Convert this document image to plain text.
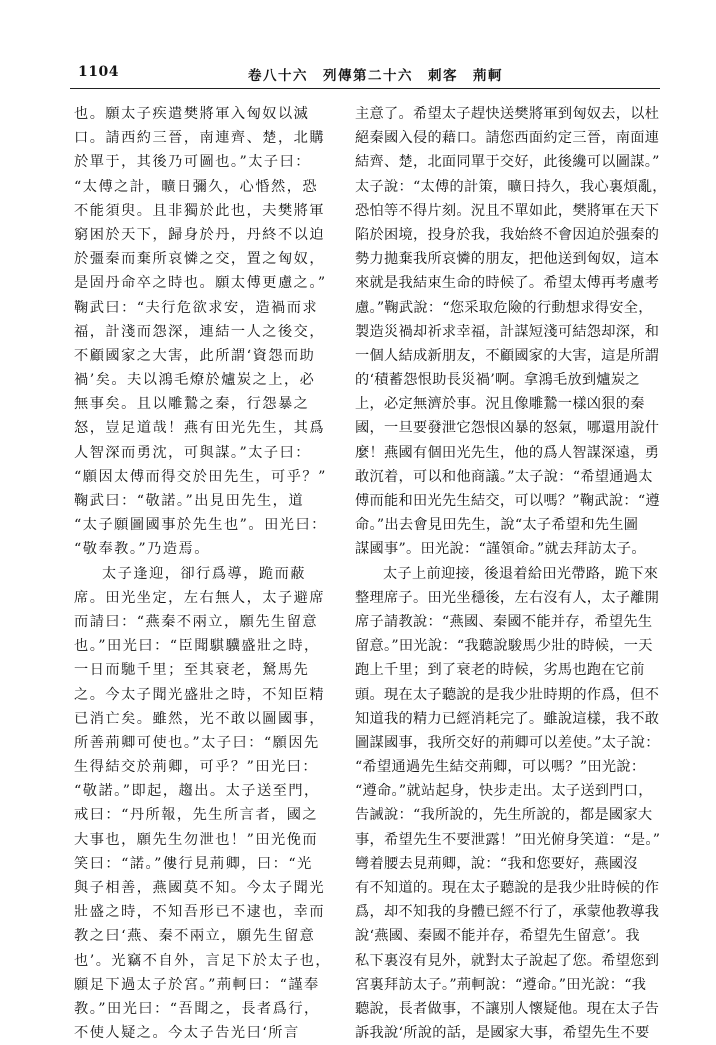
1104	卷八十六　列傳第二十六　刺客　荊軻
也。願太子疾遣樊將軍入匈奴以滅
口。請西約三晉，南連齊、楚，北購
於單于，其後乃可圖也。”太子曰：
“太傅之計，曠日彌久，心惛然，恐
不能須臾。且非獨於此也，夫樊將軍
窮困於天下，歸身於丹，丹終不以迫
於彊秦而棄所哀憐之交，置之匈奴，
是固丹命卒之時也。願太傅更慮之。”
鞠武曰：“夫行危欲求安，造禍而求
福，計淺而怨深，連結一人之後交，
不顧國家之大害，此所謂‘資怨而助
禍’矣。夫以鴻毛燎於爐炭之上，必
無事矣。且以雕鷙之秦，行怨暴之
怒，豈足道哉！燕有田光先生，其爲
人智深而勇沈，可與謀。”太子曰：
“願因太傅而得交於田先生，可乎？”
鞠武曰：“敬諾。”出見田先生，道
“太子願圖國事於先生也”。田光曰：
“敬奉教。”乃造焉。
太子逢迎，卻行爲導，跪而蔽
席。田光坐定，左右無人，太子避席
而請曰：“燕秦不兩立，願先生留意
也。”田光曰：“臣聞騏驥盛壯之時，
一日而馳千里；至其衰老，駑馬先
之。今太子聞光盛壯之時，不知臣精
已消亡矣。雖然，光不敢以圖國事，
所善荊卿可使也。”太子曰：“願因先
生得結交於荊卿，可乎？”田光曰：
“敬諾。”即起，趨出。太子送至門，
戒曰：“丹所報，先生所言者，國之
大事也，願先生勿泄也！”田光俛而
笑曰：“諾。”僂行見荊卿，曰：“光
與子相善，燕國莫不知。今太子聞光
壯盛之時，不知吾形已不逮也，幸而
教之曰‘燕、秦不兩立，願先生留意
也’。光竊不自外，言足下於太子也，
願足下過太子於宮。”荊軻曰：“謹奉
教。”田光曰：“吾聞之，長者爲行，
不使人疑之。今太子告光曰‘所言
主意了。希望太子趕快送樊將軍到匈奴去，以杜
絕秦國入侵的藉口。請您西面約定三晉，南面連
結齊、楚，北面同單于交好，此後纔可以圖謀。”
太子說：“太傅的計策，曠日持久，我心裏煩亂，
恐怕等不得片刻。況且不單如此，樊將軍在天下
陷於困境，投身於我，我始終不會因迫於强秦的
勢力拋棄我所哀憐的朋友，把他送到匈奴，這本
來就是我結束生命的時候了。希望太傅再考慮考
慮。”鞠武說：“您采取危險的行動想求得安全，
製造災禍却祈求幸福，計謀短淺可結怨却深，和
一個人結成新朋友，不顧國家的大害，這是所謂
的‘積蓄怨恨助長災禍’啊。拿鴻毛放到爐炭之
上，必定無濟於事。況且像雕鷙一樣凶狠的秦
國，一旦要發泄它怨恨凶暴的怒氣，哪還用說什
麼！燕國有個田光先生，他的爲人智謀深遠，勇
敢沉着，可以和他商議。”太子說：“希望通過太
傅而能和田光先生結交，可以嗎？”鞠武說：“遵
命。”出去會見田先生，說“太子希望和先生圖
謀國事”。田光說：“謹領命。”就去拜訪太子。
太子上前迎接，後退着給田光帶路，跪下來
整理席子。田光坐穩後，左右沒有人，太子離開
席子請教說：“燕國、秦國不能并存，希望先生
留意。”田光說：“我聽說駿馬少壯的時候，一天
跑上千里；到了衰老的時候，劣馬也跑在它前
頭。現在太子聽說的是我少壯時期的作爲，但不
知道我的精力已經消耗完了。雖說這樣，我不敢
圖謀國事，我所交好的荊卿可以差使。”太子說：
“希望通過先生結交荊卿，可以嗎？”田光說：
“遵命。”就站起身，快步走出。太子送到門口，
告誡說：“我所說的，先生所說的，都是國家大
事，希望先生不要泄露！”田光俯身笑道：“是。”
彎着腰去見荊卿，說：“我和您要好，燕國沒
有不知道的。現在太子聽說的是我少壯時候的作
爲，却不知我的身體已經不行了，承蒙他教導我
說‘燕國、秦國不能并存，希望先生留意’。我
私下裏沒有見外，就對太子說起了您。希望您到
宮裏拜訪太子。”荊軻說：“遵命。”田光說：“我
聽說，長者做事，不讓別人懷疑他。現在太子告
訴我說‘所說的話，是國家大事，希望先生不要
